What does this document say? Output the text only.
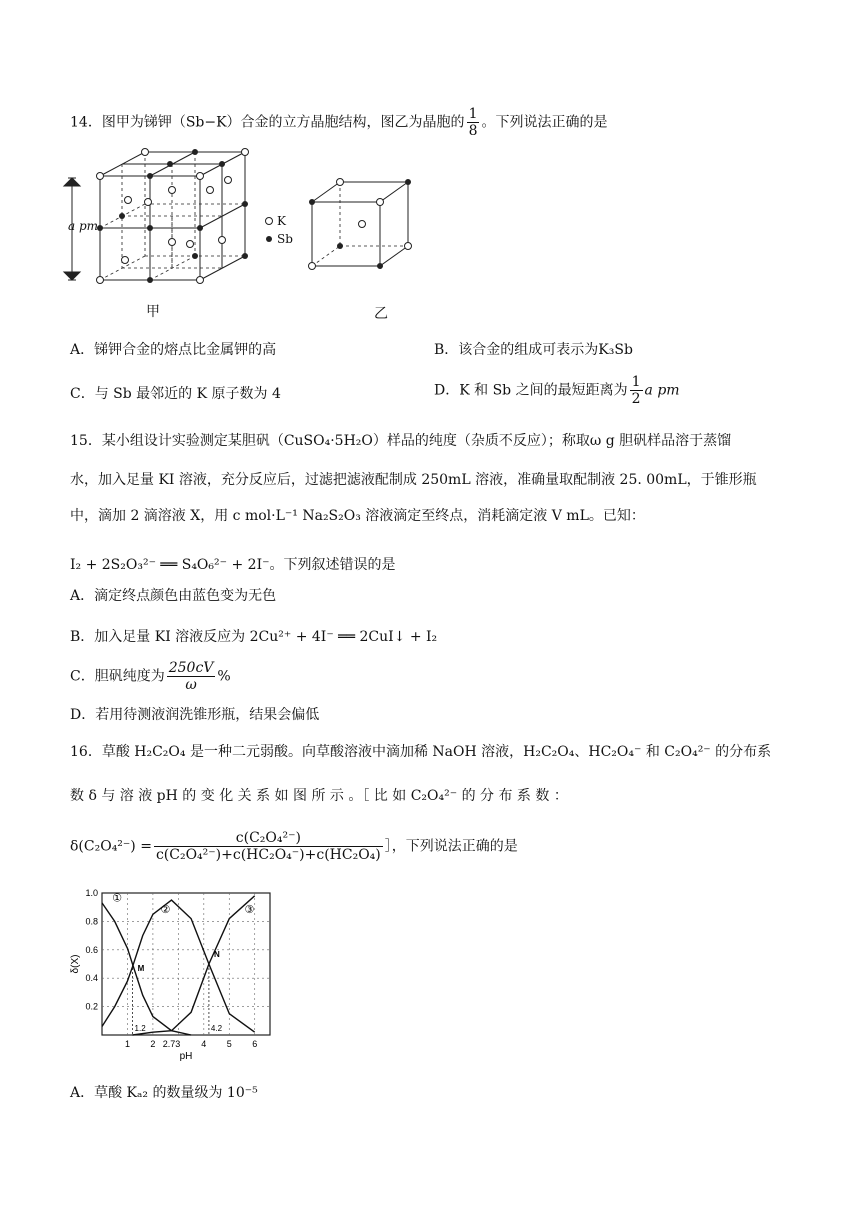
14．图甲为锑钾（Sb−K）合金的立方晶胞结构，图乙为晶胞的 $\frac{1}{8}$ 。下列说法正确的是
a pm	K
Sb
甲	乙
A．锑钾合金的熔点比金属钾的高	B．该合金的组成可表示为K₃Sb
C．与 Sb 最邻近的 K 原子数为 4	D．K 和 Sb 之间的最短距离为 $\frac{1}{2}$ a pm
15．某小组设计实验测定某胆矾（CuSO₄·5H₂O）样品的纯度（杂质不反应）；称取ω g 胆矾样品溶于蒸馏
水，加入足量 KI 溶液，充分反应后，过滤把滤液配制成 250mL 溶液，准确量取配制液 25. 00mL，于锥形瓶
中，滴加 2 滴溶液 X，用 c mol·L⁻¹ Na₂S₂O₃ 溶液滴定至终点，消耗滴定液 V mL。已知：
I₂ + 2S₂O₃²⁻ ══ S₄O₆²⁻ + 2I⁻。下列叙述错误的是
A．滴定终点颜色由蓝色变为无色
B．加入足量 KI 溶液反应为 2Cu²⁺ + 4I⁻ ══ 2CuI↓ + I₂
C．胆矾纯度为 $\frac{250cV}{\omega}$ %
D．若用待测液润洗锥形瓶，结果会偏低
16．草酸 H₂C₂O₄ 是一种二元弱酸。向草酸溶液中滴加稀 NaOH 溶液，H₂C₂O₄、HC₂O₄⁻ 和 C₂O₄²⁻ 的分布系
数 δ 与 溶 液 pH 的 变 化 关 系 如 图 所 示 。［ 比 如 C₂O₄²⁻ 的 分 布 系 数 ：
$\delta(C_2O_4^{2-}) = \frac{\text{c(C₂O₄²⁻)}}{\text{c(C₂O₄²⁻)+c(HC₂O₄⁻)+c(HC₂O₄)}}$ ］，下列说法正确的是
1 2 2.73 4 5 6
0.2
0.4
0.6
0.8
1.0
pH
δ(X)
1.2	4.2
M
N
①
②	③
A．草酸 Kₐ₂ 的数量级为 10⁻⁵
